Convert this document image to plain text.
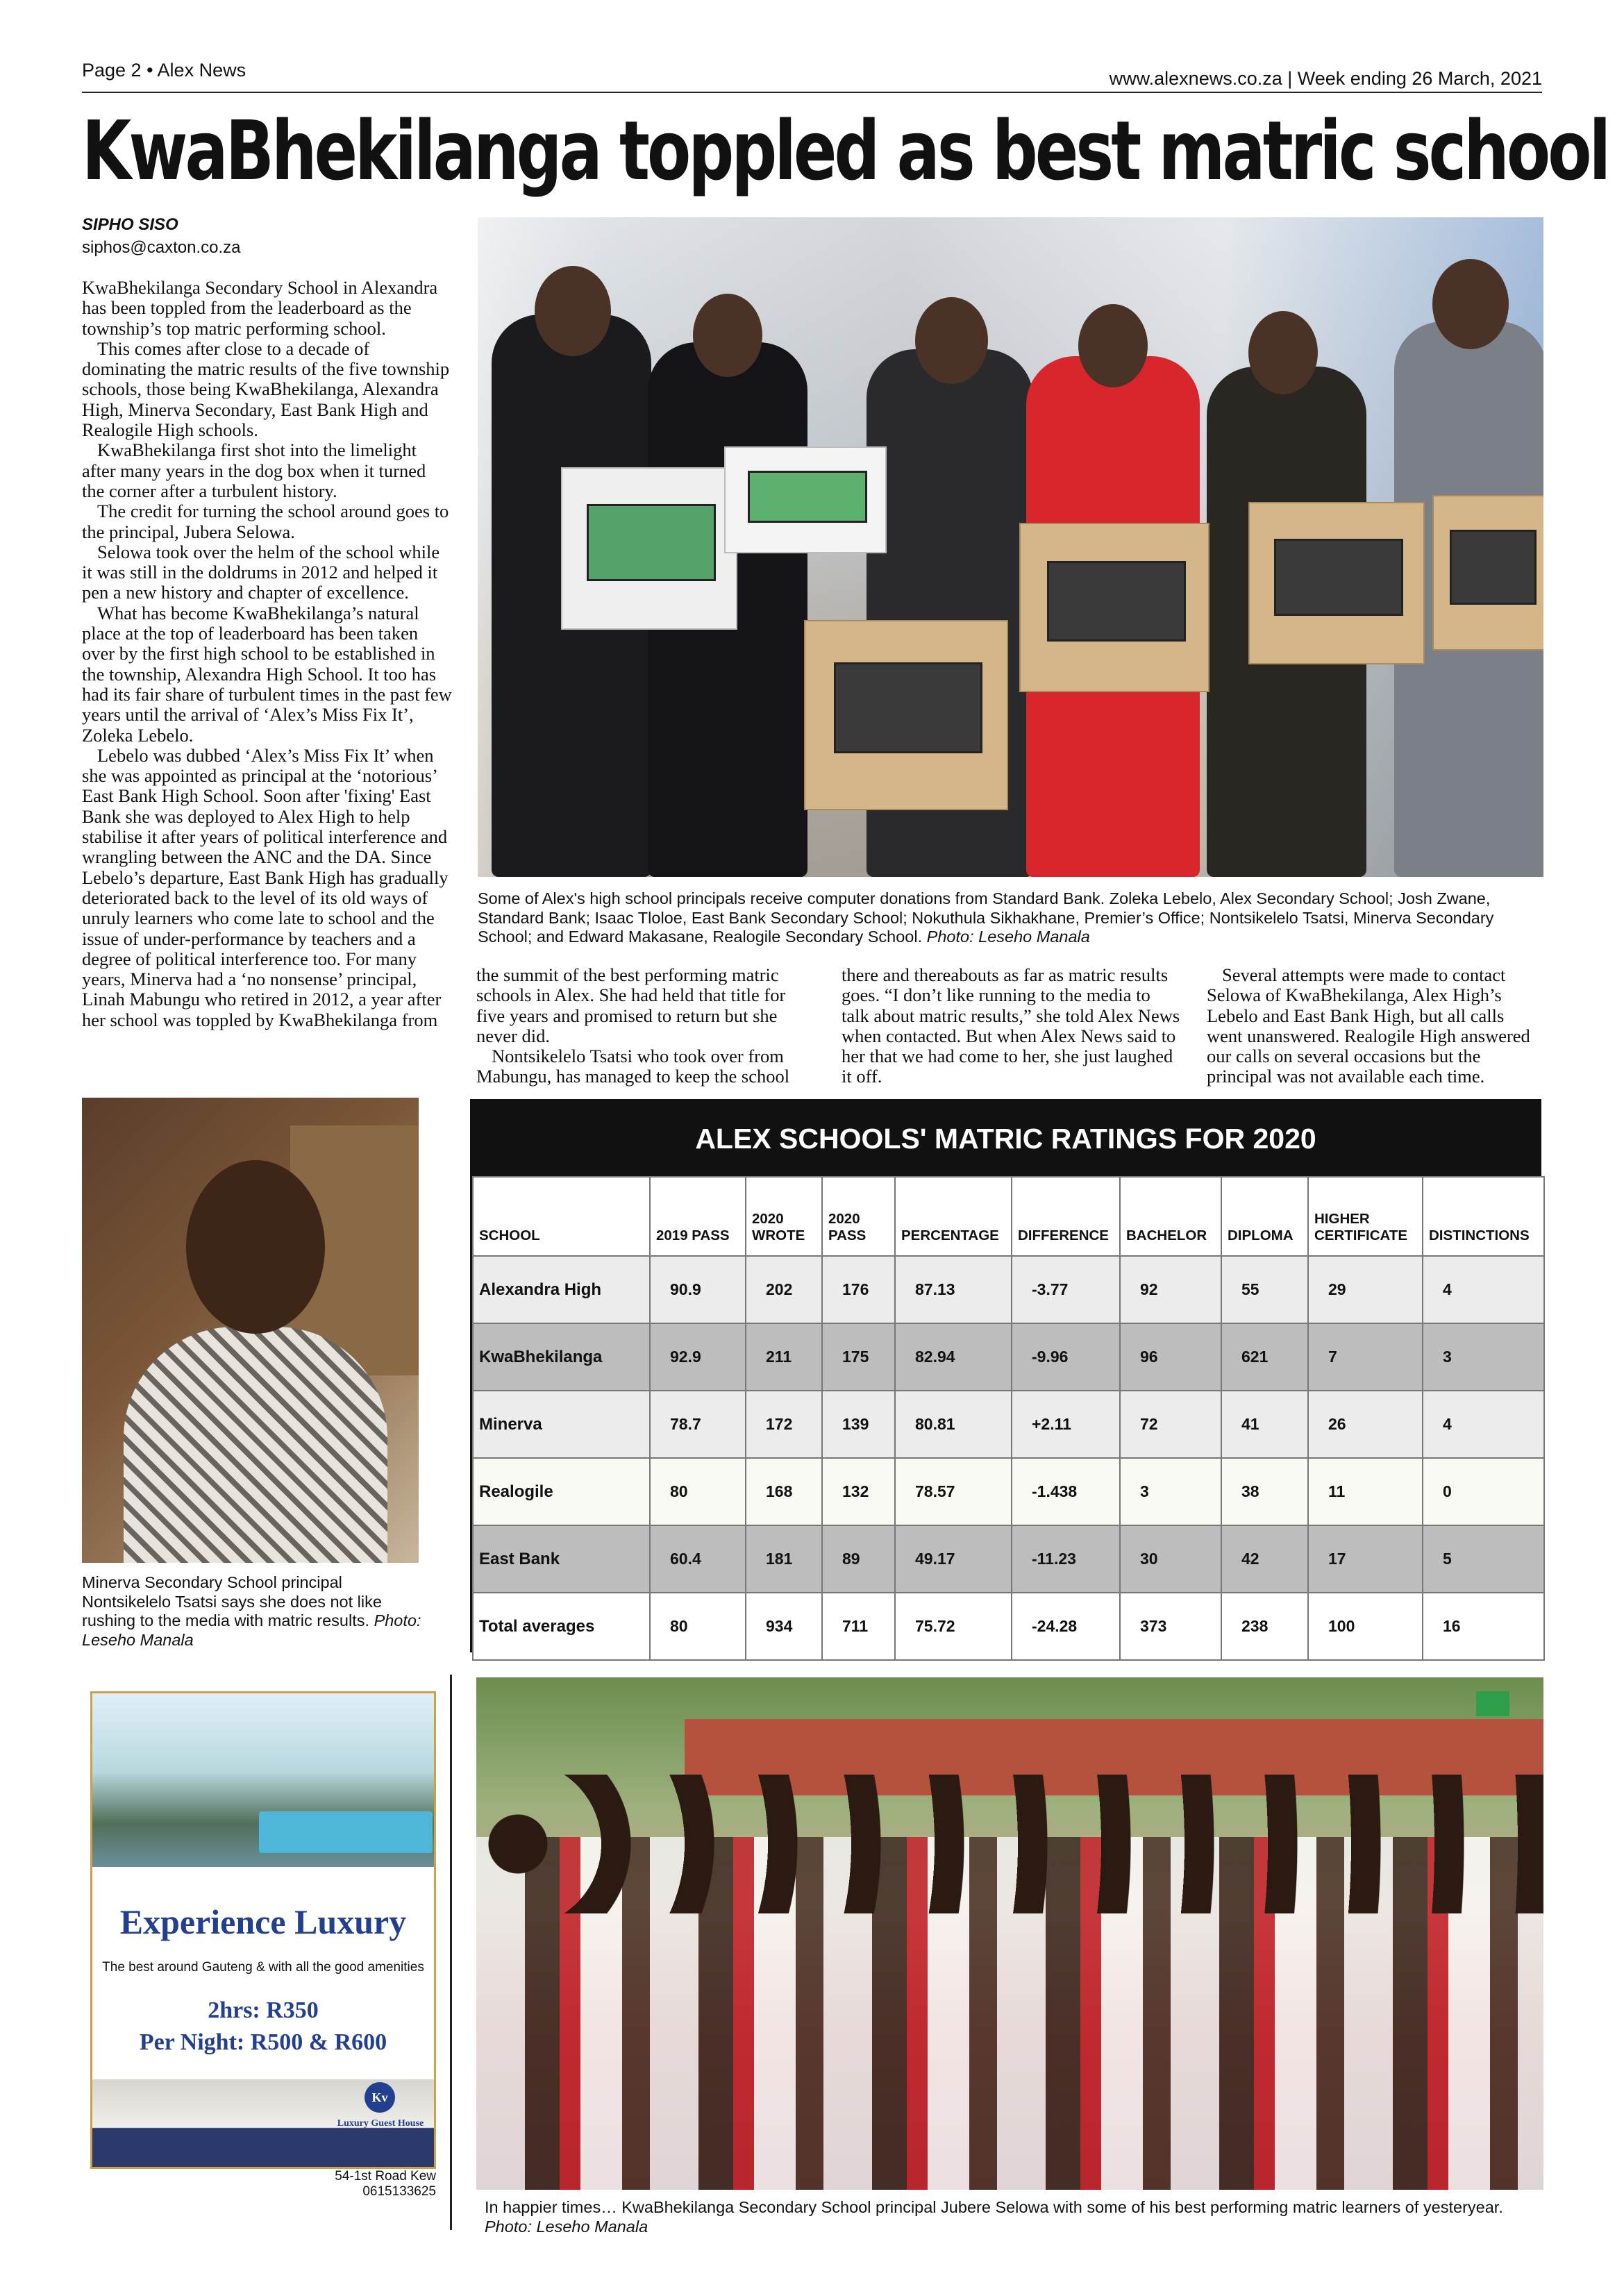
Page 2 • Alex News	www.alexnews.co.za | Week ending 26 March, 2021
KwaBhekilanga toppled as best matric school
SIPHO SISO
siphos@caxton.co.za

KwaBhekilanga Secondary School in Alexandra has been toppled from the leaderboard as the township’s top matric performing school.

This comes after close to a decade of dominating the matric results of the five township schools, those being KwaBhekilanga, Alexandra High, Minerva Secondary, East Bank High and Realogile High schools.

KwaBhekilanga first shot into the limelight after many years in the dog box when it turned the corner after a turbulent history.

The credit for turning the school around goes to the principal, Jubera Selowa.

Selowa took over the helm of the school while it was still in the doldrums in 2012 and helped it pen a new history and chapter of excellence.

What has become KwaBhekilanga’s natural place at the top of leaderboard has been taken over by the first high school to be established in the township, Alexandra High School. It too has had its fair share of turbulent times in the past few years until the arrival of ‘Alex’s Miss Fix It’, Zoleka Lebelo.

Lebelo was dubbed ‘Alex’s Miss Fix It’ when she was appointed as principal at the ‘notorious’ East Bank High School. Soon after 'fixing' East Bank she was deployed to Alex High to help stabilise it after years of political interference and wrangling between the ANC and the DA. Since Lebelo’s departure, East Bank High has gradually deteriorated back to the level of its old ways of unruly learners who come late to school and the issue of under-performance by teachers and a degree of political interference too. For many years, Minerva had a ‘no nonsense’ principal, Linah Mabungu who retired in 2012, a year after her school was toppled by KwaBhekilanga from

Some of Alex's high school principals receive computer donations from Standard Bank. Zoleka Lebelo, Alex Secondary School; Josh Zwane, Standard Bank; Isaac Tloloe, East Bank Secondary School; Nokuthula Sikhakhane, Premier’s Office; Nontsikelelo Tsatsi, Minerva Secondary School; and Edward Makasane, Realogile Secondary School. Photo: Leseho Manala

the summit of the best performing matric schools in Alex. She had held that title for five years and promised to return but she never did.

Nontsikelelo Tsatsi who took over from Mabungu, has managed to keep the school

there and thereabouts as far as matric results goes. “I don’t like running to the media to talk about matric results,” she told Alex News when contacted. But when Alex News said to her that we had come to her, she just laughed it off.

Several attempts were made to contact Selowa of KwaBhekilanga, Alex High’s Lebelo and East Bank High, but all calls went unanswered. Realogile High answered our calls on several occasions but the principal was not available each time.

Minerva Secondary School principal Nontsikelelo Tsatsi says she does not like rushing to the media with matric results. Photo: Leseho Manala
ALEX SCHOOLS' MATRIC RATINGS FOR 2020
SCHOOL	2019 PASS	2020 WROTE	2020 PASS	PERCENTAGE	DIFFERENCE	BACHELOR	DIPLOMA	HIGHER CERTIFICATE	DISTINCTIONS
Alexandra High	90.9	202	176	87.13	-3.77	92	55	29	4
KwaBhekilanga	92.9	211	175	82.94	-9.96	96	621	7	3
Minerva	78.7	172	139	80.81	+2.11	72	41	26	4
Realogile	80	168	132	78.57	-1.438	3	38	11	0
East Bank	60.4	181	89	49.17	-11.23	30	42	17	5
Total averages	80	934	711	75.72	-24.28	373	238	100	16
In happier times… KwaBhekilanga Secondary School principal Jubere Selowa with some of his best performing matric learners of yesteryear. Photo: Leseho Manala
Experience Luxury
The best around Gauteng & with all the good amenities
2hrs: R350
Per Night: R500 & R600
Kv
Luxury Guest House
54-1st Road Kew
0615133625
